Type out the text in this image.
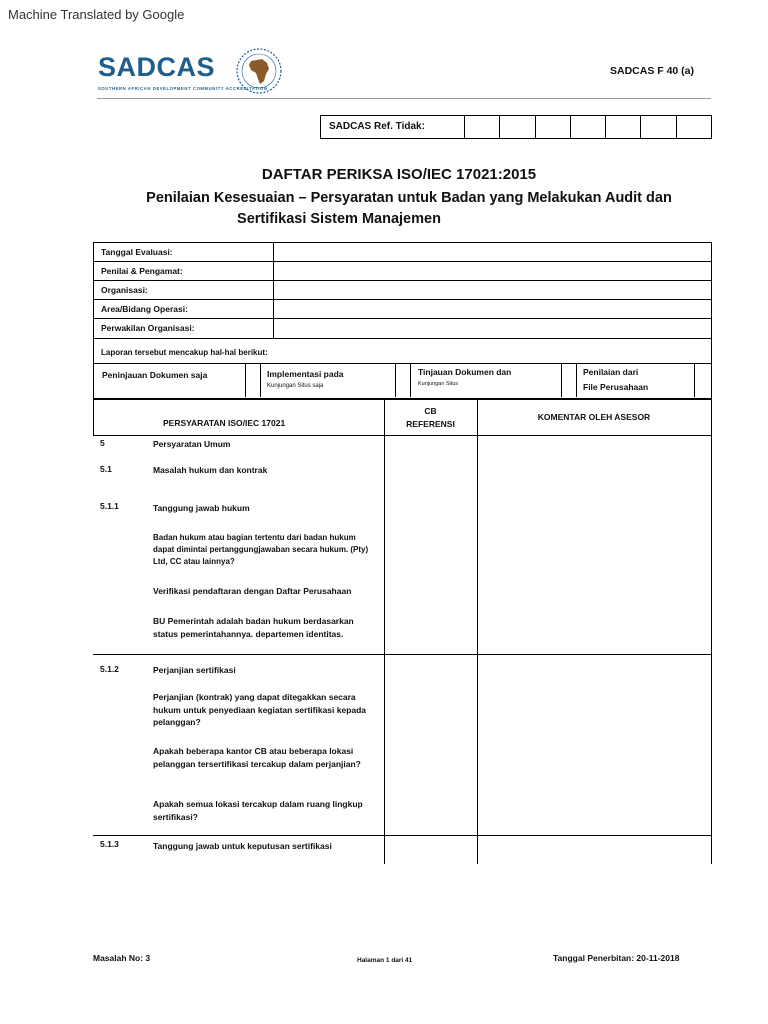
Machine Translated by Google
SADCAS
SOUTHERN AFRICAN DEVELOPMENT COMMUNITY ACCREDITATION
SADCAS F 40 (a)
SADCAS Ref. Tidak:
DAFTAR PERIKSA ISO/IEC 17021:2015
Penilaian Kesesuaian – Persyaratan untuk Badan yang Melakukan Audit dan
Sertifikasi Sistem Manajemen
Tanggal Evaluasi:
Penilai & Pengamat:
Organisasi:
Area/Bidang Operasi:
Perwakilan Organisasi:
Laporan tersebut mencakup hal-hal berikut:
Peninjauan Dokumen saja	Implementasi pada
Kunjungan Situs saja
Tinjauan Dokumen dan
Kunjungan Situs
Penilaian dari
File Perusahaan
PERSYARATAN ISO/IEC 17021
CB
REFERENSI
KOMENTAR OLEH ASESOR
5	Persyaratan Umum
5.1	Masalah hukum dan kontrak
5.1.1	Tanggung jawab hukum
Badan hukum atau bagian tertentu dari badan hukum dapat dimintai pertanggungjawaban secara hukum. (Pty) Ltd, CC atau lainnya?
Verifikasi pendaftaran dengan Daftar Perusahaan
BU Pemerintah adalah badan hukum berdasarkan status pemerintahannya. departemen identitas.
5.1.2	Perjanjian sertifikasi
Perjanjian (kontrak) yang dapat ditegakkan secara hukum untuk penyediaan kegiatan sertifikasi kepada pelanggan?
Apakah beberapa kantor CB atau beberapa lokasi pelanggan tersertifikasi tercakup dalam perjanjian?
Apakah semua lokasi tercakup dalam ruang lingkup sertifikasi?
5.1.3	Tanggung jawab untuk keputusan sertifikasi
Masalah No: 3	Halaman 1 dari 41	Tanggal Penerbitan: 20-11-2018
